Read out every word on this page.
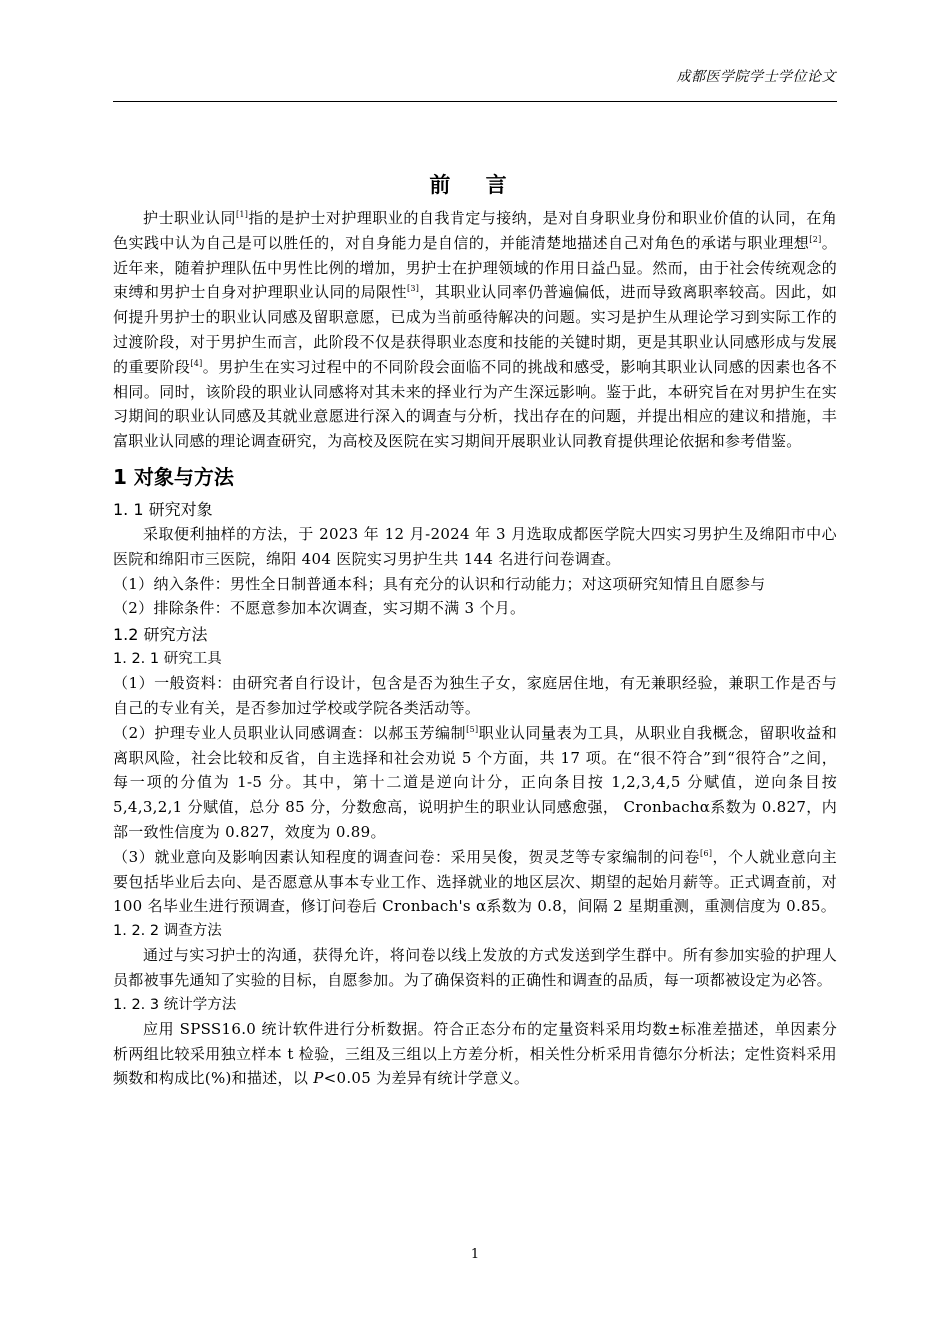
成都医学院学士学位论文
前 言

护士职业认同[1]指的是护士对护理职业的自我肯定与接纳，是对自身职业身份和职业价值的认同，在角色实践中认为自己是可以胜任的，对自身能力是自信的，并能清楚地描述自己对角色的承诺与职业理想[2]。近年来，随着护理队伍中男性比例的增加，男护士在护理领域的作用日益凸显。然而，由于社会传统观念的束缚和男护士自身对护理职业认同的局限性[3]，其职业认同率仍普遍偏低，进而导致离职率较高。因此，如何提升男护士的职业认同感及留职意愿，已成为当前亟待解决的问题。实习是护生从理论学习到实际工作的过渡阶段，对于男护生而言，此阶段不仅是获得职业态度和技能的关键时期，更是其职业认同感形成与发展的重要阶段[4]。男护生在实习过程中的不同阶段会面临不同的挑战和感受，影响其职业认同感的因素也各不相同。同时，该阶段的职业认同感将对其未来的择业行为产生深远影响。鉴于此，本研究旨在对男护生在实习期间的职业认同感及其就业意愿进行深入的调查与分析，找出存在的问题，并提出相应的建议和措施，丰富职业认同感的理论调查研究，为高校及医院在实习期间开展职业认同教育提供理论依据和参考借鉴。

1 对象与方法
1. 1 研究对象

采取便利抽样的方法，于 2023 年 12 月-2024 年 3 月选取成都医学院大四实习男护生及绵阳市中心医院和绵阳市三医院，绵阳 404 医院实习男护生共 144 名进行问卷调查。

（1）纳入条件：男性全日制普通本科；具有充分的认识和行动能力；对这项研究知情且自愿参与

（2）排除条件：不愿意参加本次调查，实习期不满 3 个月。

1.2 研究方法
1. 2. 1 研究工具

（1）一般资料：由研究者自行设计，包含是否为独生子女，家庭居住地，有无兼职经验，兼职工作是否与自己的专业有关，是否参加过学校或学院各类活动等。

（2）护理专业人员职业认同感调查：以郝玉芳编制[5]职业认同量表为工具，从职业自我概念，留职收益和离职风险，社会比较和反省，自主选择和社会劝说 5 个方面，共 17 项。在“很不符合”到“很符合”之间，每一项的分值为 1-5 分。其中，第十二道是逆向计分，正向条目按 1,2,3,4,5 分赋值，逆向条目按 5,4,3,2,1 分赋值，总分 85 分，分数愈高，说明护生的职业认同感愈强， Cronbachα系数为 0.827，内部一致性信度为 0.827，效度为 0.89。

（3）就业意向及影响因素认知程度的调查问卷：采用吴俊，贺灵芝等专家编制的问卷[6]，个人就业意向主要包括毕业后去向、是否愿意从事本专业工作、选择就业的地区层次、期望的起始月薪等。正式调查前，对 100 名毕业生进行预调查，修订问卷后 Cronbach's α系数为 0.8，间隔 2 星期重测，重测信度为 0.85。

1. 2. 2 调查方法

通过与实习护士的沟通，获得允许，将问卷以线上发放的方式发送到学生群中。所有参加实验的护理人员都被事先通知了实验的目标，自愿参加。为了确保资料的正确性和调查的品质，每一项都被设定为必答。

1. 2. 3 统计学方法

应用 SPSS16.0 统计软件进行分析数据。符合正态分布的定量资料采用均数±标准差描述，单因素分析两组比较采用独立样本 t 检验，三组及三组以上方差分析，相关性分析采用肯德尔分析法；定性资料采用频数和构成比(%)和描述，以 P<0.05 为差异有统计学意义。

1
